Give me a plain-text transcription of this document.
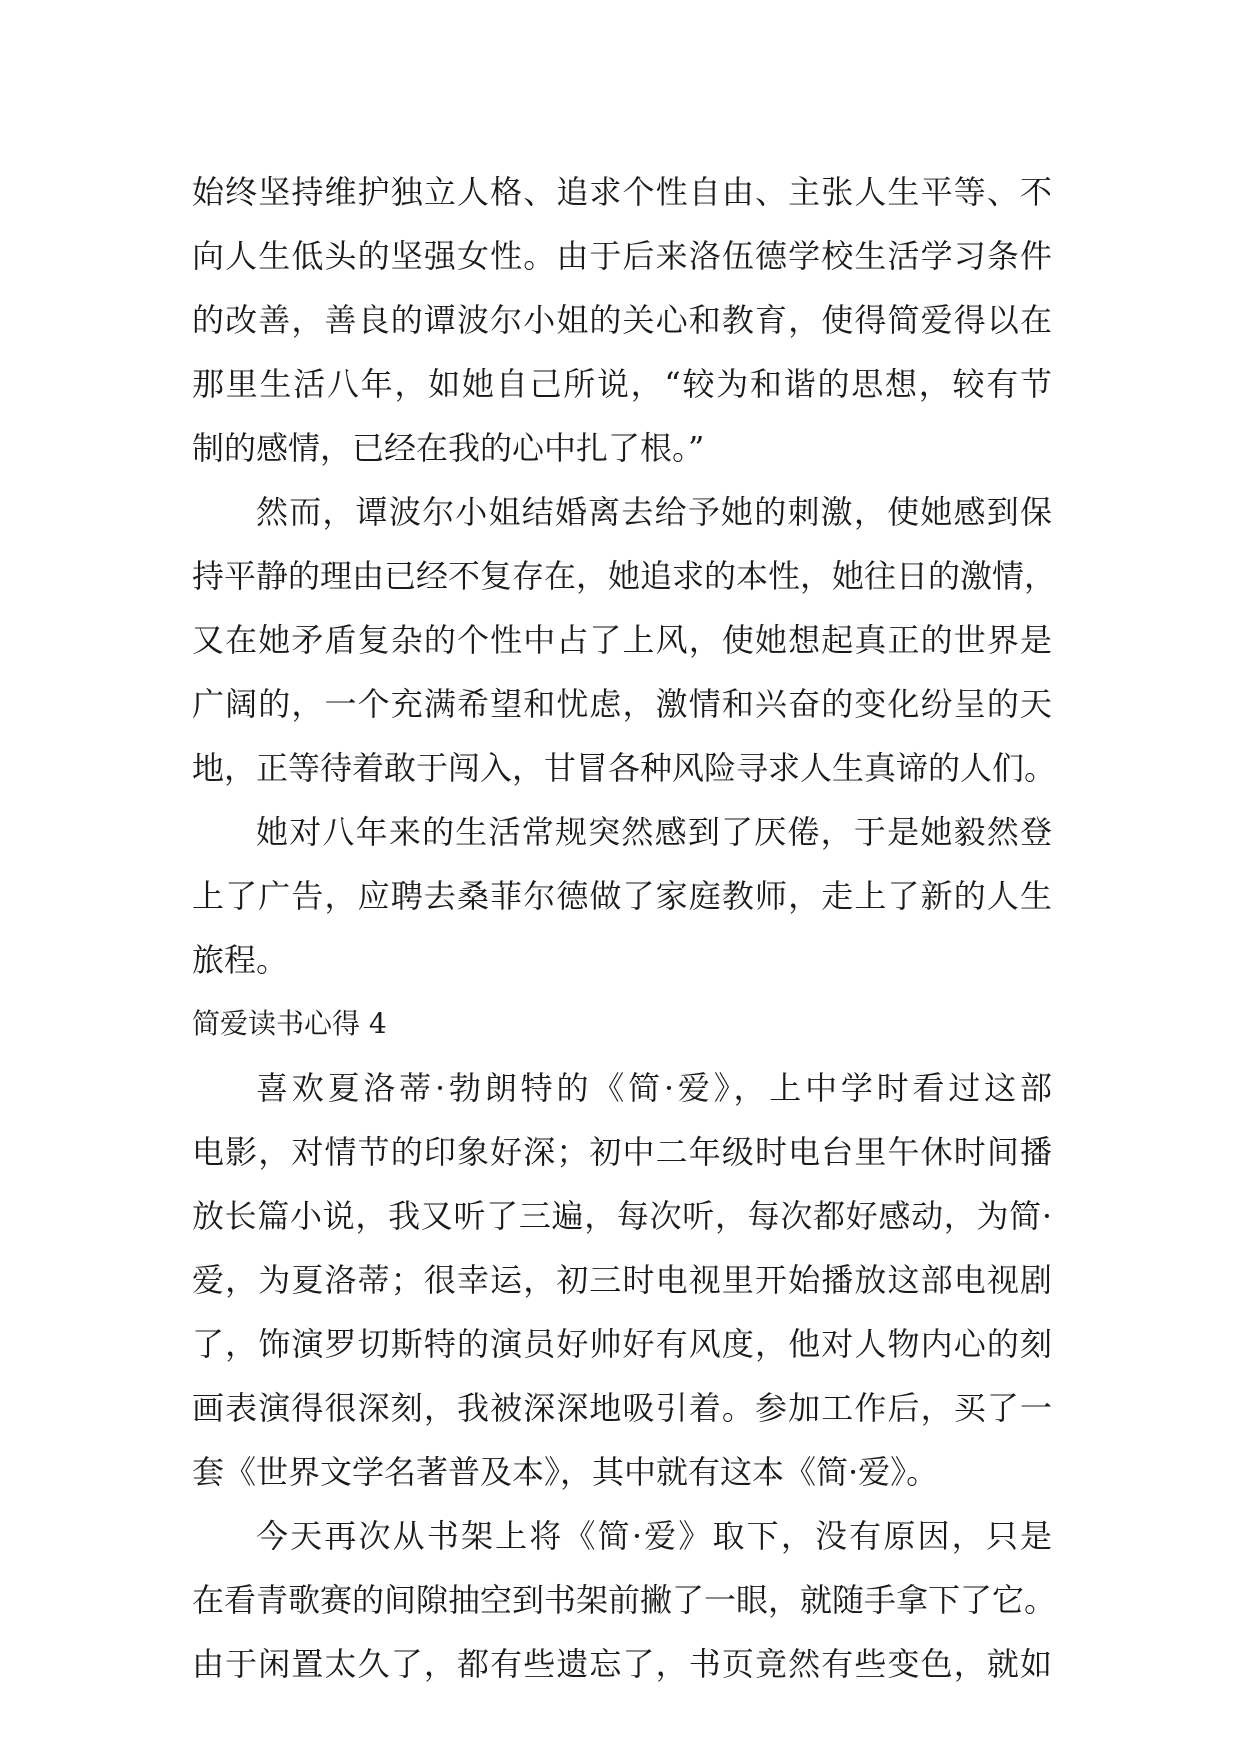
始终坚持维护独立人格、追求个性自由、主张人生平等、不
向人生低头的坚强女性。由于后来洛伍德学校生活学习条件
的改善，善良的谭波尔小姐的关心和教育，使得简爱得以在
那里生活八年，如她自己所说，“较为和谐的思想，较有节
制的感情，已经在我的心中扎了根。”
然而，谭波尔小姐结婚离去给予她的刺激，使她感到保
持平静的理由已经不复存在，她追求的本性，她往日的激情，
又在她矛盾复杂的个性中占了上风，使她想起真正的世界是
广阔的，一个充满希望和忧虑，激情和兴奋的变化纷呈的天
地，正等待着敢于闯入，甘冒各种风险寻求人生真谛的人们。
她对八年来的生活常规突然感到了厌倦，于是她毅然登
上了广告，应聘去桑菲尔德做了家庭教师，走上了新的人生
旅程。
简爱读书心得 4
喜欢夏洛蒂·勃朗特的《简·爱》，上中学时看过这部
电影，对情节的印象好深；初中二年级时电台里午休时间播
放长篇小说，我又听了三遍，每次听，每次都好感动，为简·
爱，为夏洛蒂；很幸运，初三时电视里开始播放这部电视剧
了，饰演罗切斯特的演员好帅好有风度，他对人物内心的刻
画表演得很深刻，我被深深地吸引着。参加工作后，买了一
套《世界文学名著普及本》，其中就有这本《简·爱》。
今天再次从书架上将《简·爱》取下，没有原因，只是
在看青歌赛的间隙抽空到书架前撇了一眼，就随手拿下了它。
由于闲置太久了，都有些遗忘了，书页竟然有些变色，就如
